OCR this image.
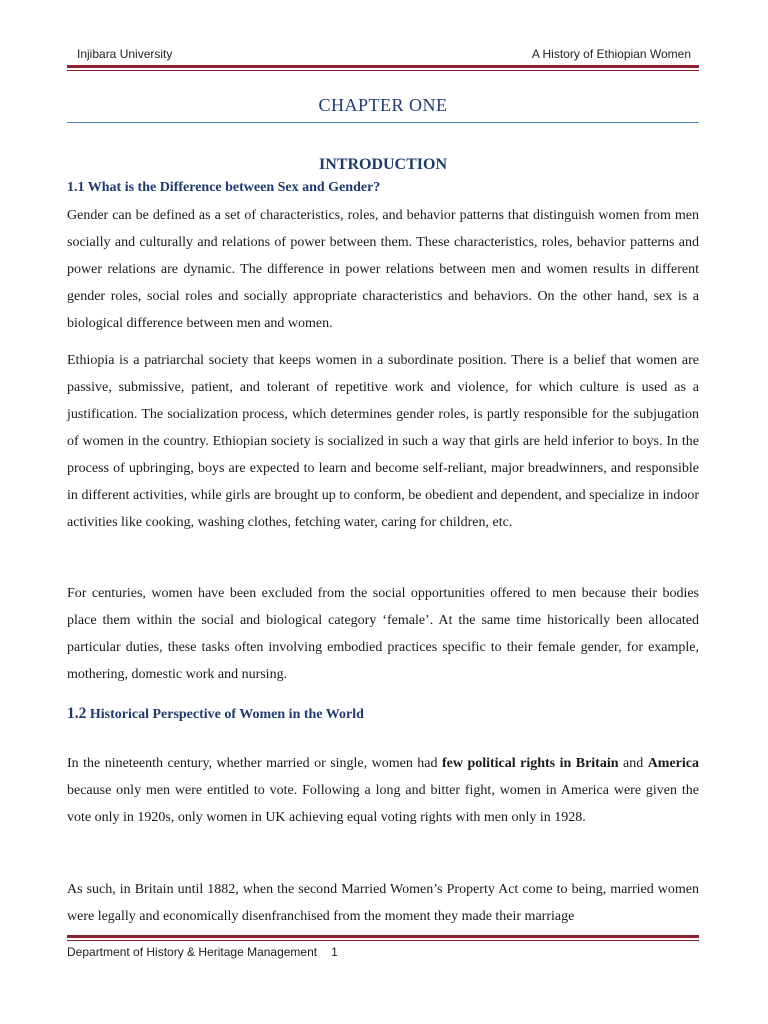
Injibara University	A History of Ethiopian Women
CHAPTER ONE
INTRODUCTION
1.1 What is the Difference between Sex and Gender?
Gender can be defined as a set of characteristics, roles, and behavior patterns that distinguish women from men socially and culturally and relations of power between them. These characteristics, roles, behavior patterns and power relations are dynamic. The difference in power relations between men and women results in different gender roles, social roles and socially appropriate characteristics and behaviors. On the other hand, sex is a biological difference between men and women.
Ethiopia is a patriarchal society that keeps women in a subordinate position. There is a belief that women are passive, submissive, patient, and tolerant of repetitive work and violence, for which culture is used as a justification. The socialization process, which determines gender roles, is partly responsible for the subjugation of women in the country. Ethiopian society is socialized in such a way that girls are held inferior to boys. In the process of upbringing, boys are expected to learn and become self-reliant, major breadwinners, and responsible in different activities, while girls are brought up to conform, be obedient and dependent, and specialize in indoor activities like cooking, washing clothes, fetching water, caring for children, etc.
For centuries, women have been excluded from the social opportunities offered to men because their bodies place them within the social and biological category ‘female’. At the same time historically been allocated particular duties, these tasks often involving embodied practices specific to their female gender, for example, mothering, domestic work and nursing.
1.2 Historical Perspective of Women in the World
In the nineteenth century, whether married or single, women had few political rights in Britain and America because only men were entitled to vote. Following a long and bitter fight, women in America were given the vote only in 1920s, only women in UK achieving equal voting rights with men only in 1928.
As such, in Britain until 1882, when the second Married Women’s Property Act come to being, married women were legally and economically disenfranchised from the moment they made their marriage
Department of History & Heritage Management 1
